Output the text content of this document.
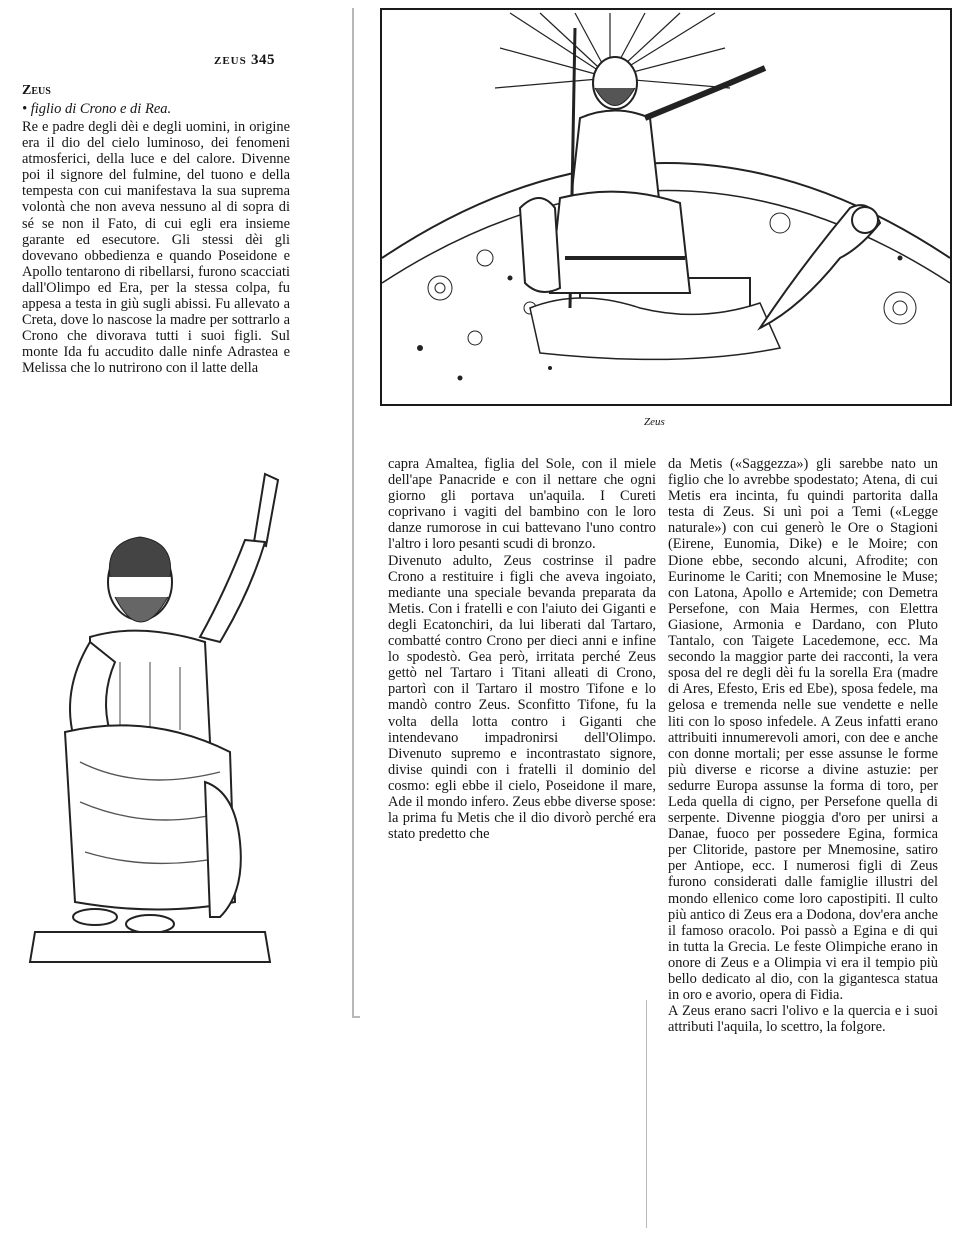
ZEUS 345
Zeus
• figlio di Crono e di Rea.

Re e padre degli dèi e degli uomini, in origine era il dio del cielo luminoso, dei fenomeni atmosferici, della luce e del calore. Divenne poi il signore del fulmine, del tuono e della tempesta con cui manifestava la sua suprema volontà che non aveva nessuno al di sopra di sé se non il Fato, di cui egli era insieme garante ed esecutore. Gli stessi dèi gli dovevano obbedienza e quando Poseidone e Apollo tentarono di ribellarsi, furono scacciati dall'Olimpo ed Era, per la stessa colpa, fu appesa a testa in giù sugli abissi. Fu allevato a Creta, dove lo nascose la madre per sottrarlo a Crono che divorava tutti i suoi figli. Sul monte Ida fu accudito dalle ninfe Adrastea e Melissa che lo nutrirono con il latte della

Zeus

capra Amaltea, figlia del Sole, con il miele dell'ape Panacride e con il nettare che ogni giorno gli portava un'aquila. I Cureti coprivano i vagiti del bambino con le loro danze rumorose in cui battevano l'uno contro l'altro i loro pesanti scudi di bronzo.

Divenuto adulto, Zeus costrinse il padre Crono a restituire i figli che aveva ingoiato, mediante una speciale bevanda preparata da Metis. Con i fratelli e con l'aiuto dei Giganti e degli Ecatonchiri, da lui liberati dal Tartaro, combatté contro Crono per dieci anni e infine lo spodestò. Gea però, irritata perché Zeus gettò nel Tartaro i Titani alleati di Crono, partorì con il Tartaro il mostro Tifone e lo mandò contro Zeus. Sconfitto Tifone, fu la volta della lotta contro i Giganti che intendevano impadronirsi dell'Olimpo. Divenuto supremo e incontrastato signore, divise quindi con i fratelli il dominio del cosmo: egli ebbe il cielo, Poseidone il mare, Ade il mondo infero. Zeus ebbe diverse spose: la prima fu Metis che il dio divorò perché era stato predetto che

da Metis («Saggezza») gli sarebbe nato un figlio che lo avrebbe spodestato; Atena, di cui Metis era incinta, fu quindi partorita dalla testa di Zeus. Si unì poi a Temi («Legge naturale») con cui generò le Ore o Stagioni (Eirene, Eunomia, Dike) e le Moire; con Dione ebbe, secondo alcuni, Afrodite; con Eurinome le Cariti; con Mnemosine le Muse; con Latona, Apollo e Artemide; con Demetra Persefone, con Maia Hermes, con Elettra Giasione, Armonia e Dardano, con Pluto Tantalo, con Taigete Lacedemone, ecc. Ma secondo la maggior parte dei racconti, la vera sposa del re degli dèi fu la sorella Era (madre di Ares, Efesto, Eris ed Ebe), sposa fedele, ma gelosa e tremenda nelle sue vendette e nelle liti con lo sposo infedele. A Zeus infatti erano attribuiti innumerevoli amori, con dee e anche con donne mortali; per esse assunse le forme più diverse e ricorse a divine astuzie: per sedurre Europa assunse la forma di toro, per Leda quella di cigno, per Persefone quella di serpente. Divenne pioggia d'oro per unirsi a Danae, fuoco per possedere Egina, formica per Clitoride, pastore per Mnemosine, satiro per Antiope, ecc. I numerosi figli di Zeus furono considerati dalle famiglie illustri del mondo ellenico come loro capostipiti. Il culto più antico di Zeus era a Dodona, dov'era anche il famoso oracolo. Poi passò a Egina e di qui in tutta la Grecia. Le feste Olimpiche erano in onore di Zeus e a Olimpia vi era il tempio più bello dedicato al dio, con la gigantesca statua in oro e avorio, opera di Fidia.

A Zeus erano sacri l'olivo e la quercia e i suoi attributi l'aquila, lo scettro, la folgore.
